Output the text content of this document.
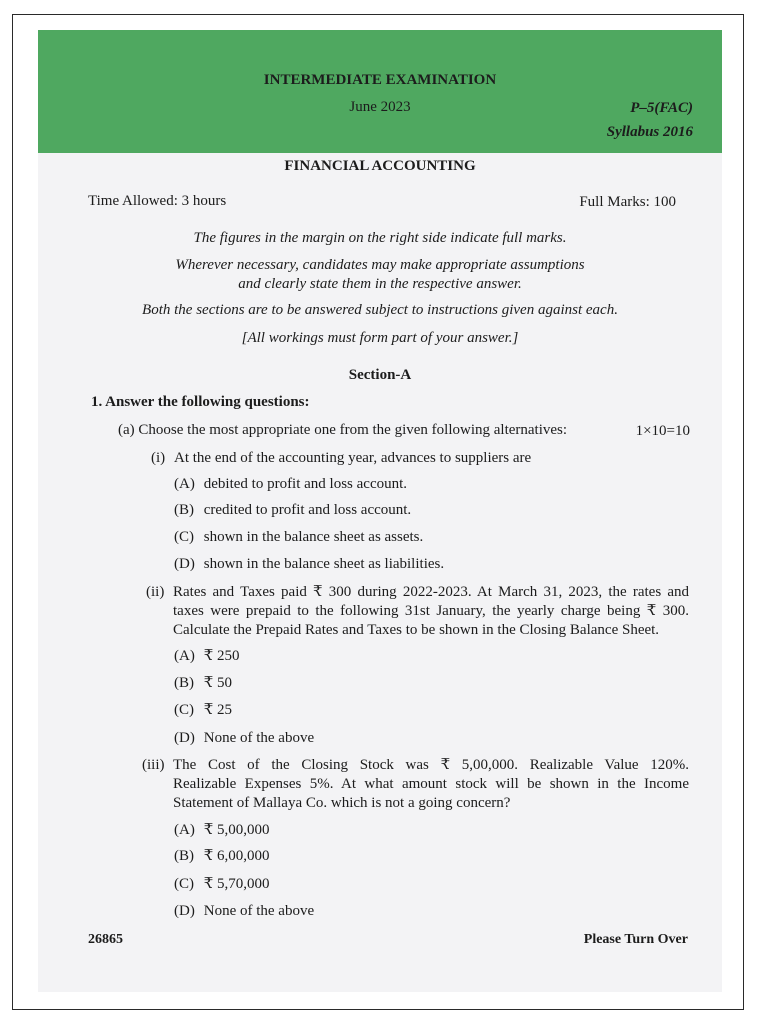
INTERMEDIATE EXAMINATION
June 2023	P–5(FAC)
Syllabus 2016
FINANCIAL ACCOUNTING
Time Allowed: 3 hours	Full Marks: 100
The figures in the margin on the right side indicate full marks.
Wherever necessary, candidates may make appropriate assumptions
and clearly state them in the respective answer.
Both the sections are to be answered subject to instructions given against each.
[All workings must form part of your answer.]
Section-A
1. Answer the following questions:
(a) Choose the most appropriate one from the given following alternatives:	1×10=10
(i) At the end of the accounting year, advances to suppliers are
(A) debited to profit and loss account.
(B) credited to profit and loss account.
(C) shown in the balance sheet as assets.
(D) shown in the balance sheet as liabilities.
(ii) Rates and Taxes paid ₹ 300 during 2022-2023. At March 31, 2023, the rates and
taxes were prepaid to the following 31st January, the yearly charge being ₹ 300.
Calculate the Prepaid Rates and Taxes to be shown in the Closing Balance Sheet.
(A) ₹ 250
(B) ₹ 50
(C) ₹ 25
(D) None of the above
(iii) The Cost of the Closing Stock was ₹ 5,00,000. Realizable Value 120%.
Realizable Expenses 5%. At what amount stock will be shown in the Income
Statement of Mallaya Co. which is not a going concern?
(A) ₹ 5,00,000
(B) ₹ 6,00,000
(C) ₹ 5,70,000
(D) None of the above
26865	Please Turn Over
